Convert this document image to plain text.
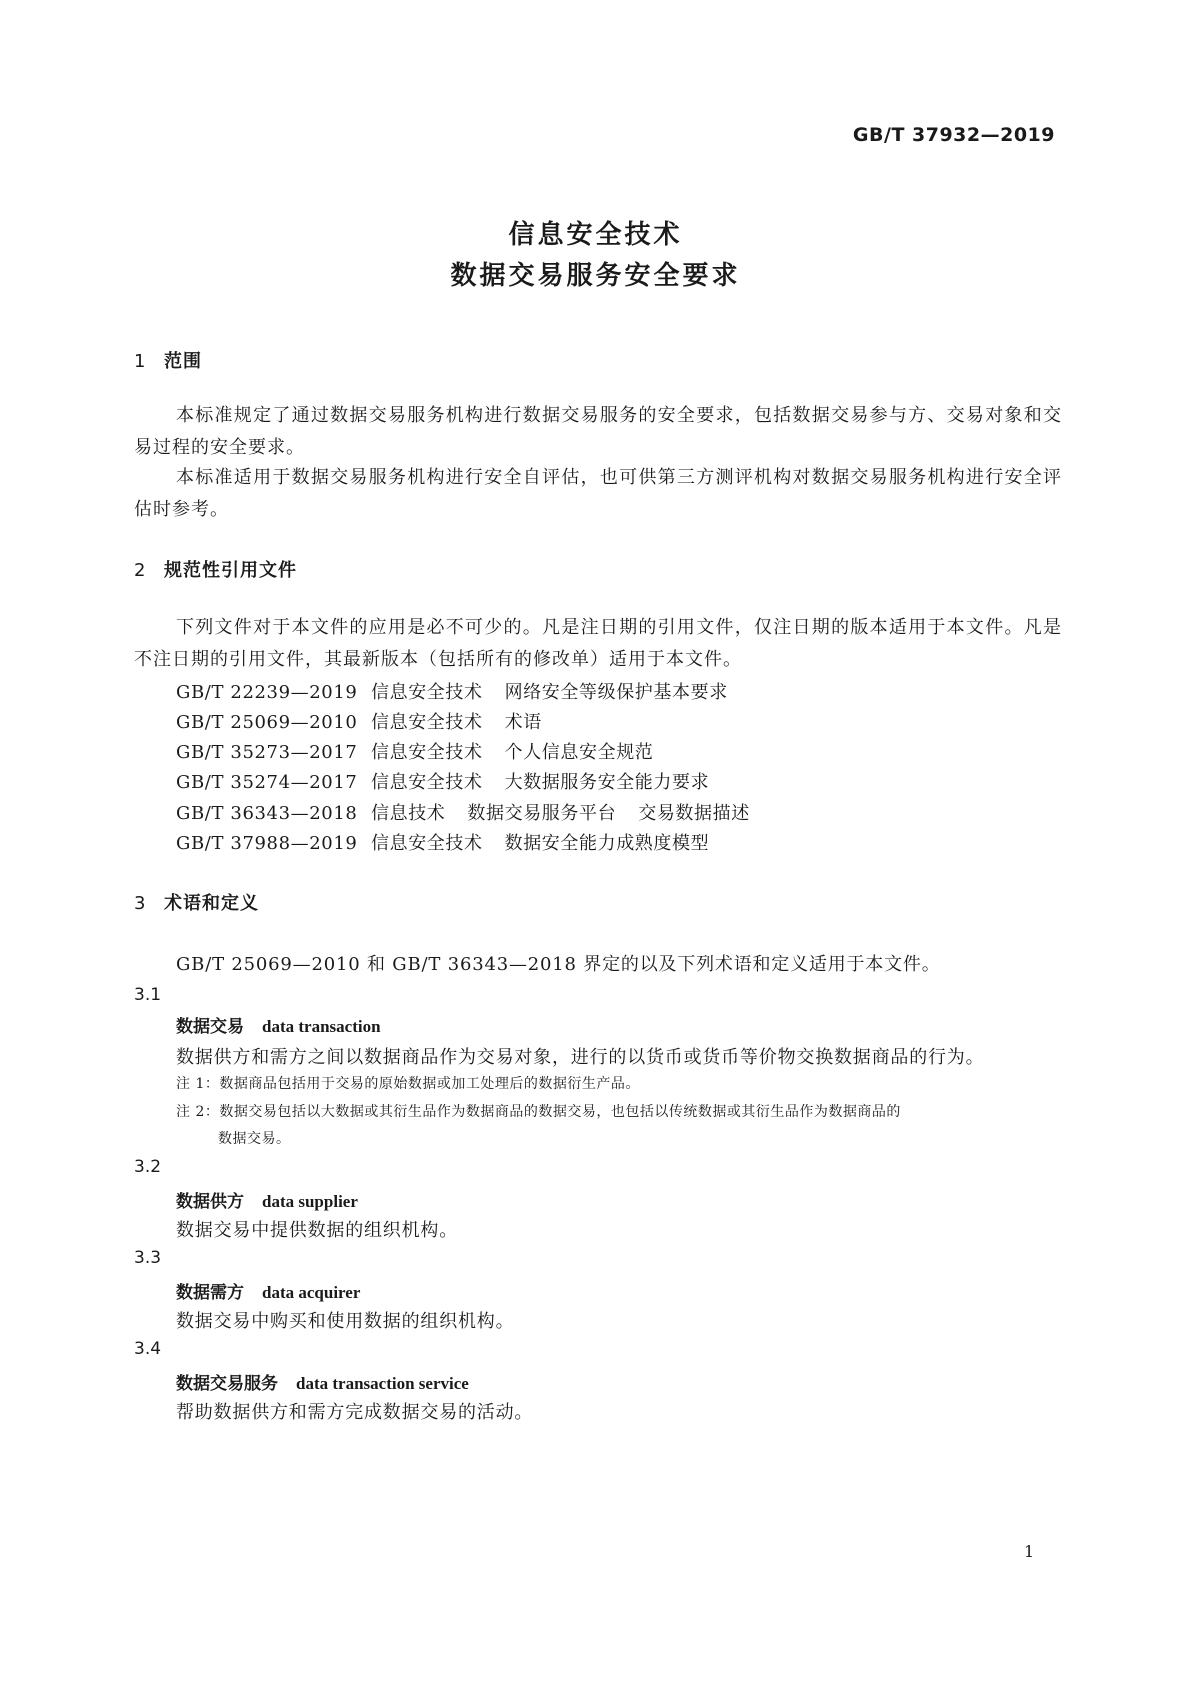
GB/T 37932—2019
信息安全技术
数据交易服务安全要求
1 范围
本标准规定了通过数据交易服务机构进行数据交易服务的安全要求，包括数据交易参与方、交易对象和交易过程的安全要求。
本标准适用于数据交易服务机构进行安全自评估，也可供第三方测评机构对数据交易服务机构进行安全评估时参考。
2 规范性引用文件
下列文件对于本文件的应用是必不可少的。凡是注日期的引用文件，仅注日期的版本适用于本文件。凡是不注日期的引用文件，其最新版本（包括所有的修改单）适用于本文件。
GB/T 22239—2019 信息安全技术 网络安全等级保护基本要求
GB/T 25069—2010 信息安全技术 术语
GB/T 35273—2017 信息安全技术 个人信息安全规范
GB/T 35274—2017 信息安全技术 大数据服务安全能力要求
GB/T 36343—2018 信息技术 数据交易服务平台 交易数据描述
GB/T 37988—2019 信息安全技术 数据安全能力成熟度模型
3 术语和定义
GB/T 25069—2010 和 GB/T 36343—2018 界定的以及下列术语和定义适用于本文件。
3.1
数据交易 data transaction
数据供方和需方之间以数据商品作为交易对象，进行的以货币或货币等价物交换数据商品的行为。
注 1：数据商品包括用于交易的原始数据或加工处理后的数据衍生产品。
注 2：数据交易包括以大数据或其衍生品作为数据商品的数据交易，也包括以传统数据或其衍生品作为数据商品的
数据交易。
3.2
数据供方 data supplier
数据交易中提供数据的组织机构。
3.3
数据需方 data acquirer
数据交易中购买和使用数据的组织机构。
3.4
数据交易服务 data transaction service
帮助数据供方和需方完成数据交易的活动。
1
